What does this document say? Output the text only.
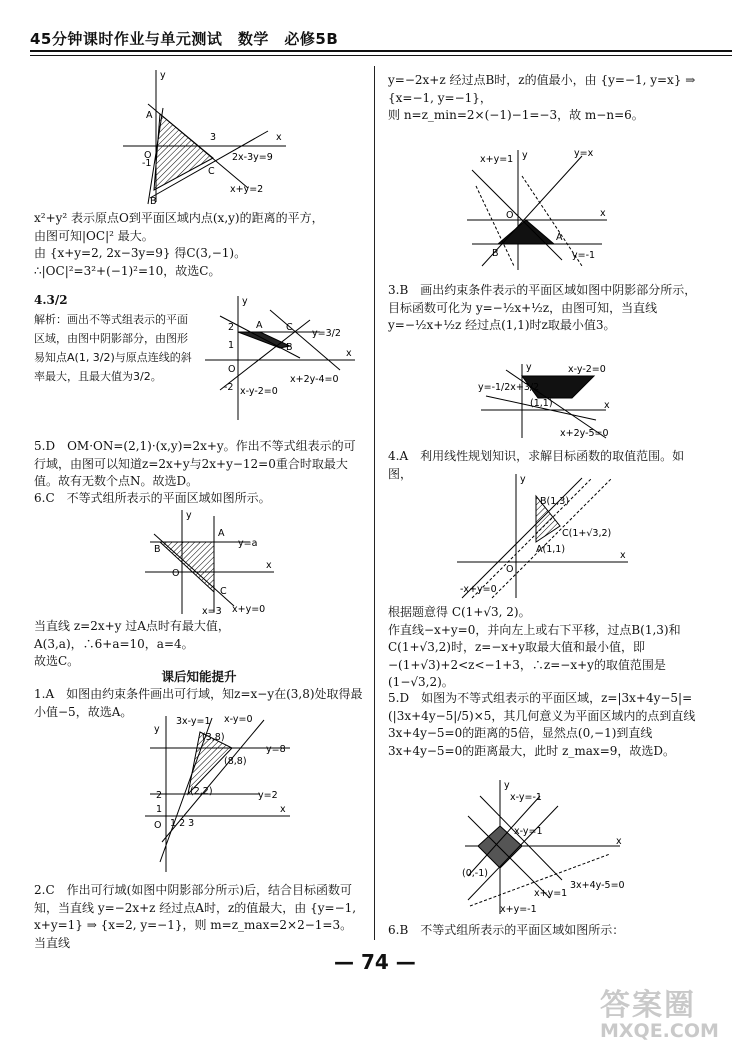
45分钟课时作业与单元测试　数学　必修5B
y
A
3	x
O
-1
C
2x-3y=9
B
x+y=2

x²+y² 表示原点O到平面区域内点(x,y)的距离的平方，
由图可知|OC|² 最大。
由 {x+y=2, 2x−3y=9} 得C(3,−1)。
∴|OC|²=3²+(−1)²=10，故选C。

4.3/2

解析：画出不等式组表示的平面区域，由图中阴影部分，由图形易知点A(1, 3/2)与原点连线的斜率最大，且最大值为3/2。

y
2
1
-2
O
A C
B
y=3/2
x+2y-4=0
x-y-2=0
x

5.D　OM·ON=(2,1)·(x,y)=2x+y。作出不等式组表示的可行域，由图可以知道z=2x+y与2x+y−12=0重合时取最大值。故有无数个点N。故选D。

6.C　不等式组所表示的平面区域如图所示。

y
A
B
y=a
O
C
x
x=3 x+y=0

当直线 z=2x+y 过A点时有最大值，
A(3,a)，∴6+a=10，a=4。
故选C。

课后知能提升

1.A　如图由约束条件画出可行域，知z=x−y在(3,8)处取得最小值−5，故选A。

3x-y=1 x-y=0
y
(3,8)
(8,8)
y=8
y=2
(2,2)
2
1
O 1 2 3
x

2.C　作出可行域(如图中阴影部分所示)后，结合目标函数可知，当直线 y=−2x+z 经过点A时，z的值最大，由 {y=−1, x+y=1} ⇒ {x=2, y=−1}，则 m=z_max=2×2−1=3。当直线

y=−2x+z 经过点B时，z的值最小，由 {y=−1, y=x} ⇒ {x=−1, y=−1}，
则 n=z_min=2×(−1)−1=−3，故 m−n=6。

x+y=1
y=x
y
O
A
B	y=-1
x

3.B　画出约束条件表示的平面区域如图中阴影部分所示，目标函数可化为 y=−½x+½z，由图可知，当直线 y=−½x+½z 经过点(1,1)时z取最小值3。

y	x-y-2=0
y=-1/2x+3/2
(1,1)	x
x+2y-5=0

4.A　利用线性规划知识，求解目标函数的取值范围。如图，	y
B(1,3)
C(1+√3,2)
A(1,1)
O
x
-x+y=0

根据题意得 C(1+√3, 2)。
作直线−x+y=0，并向左上或右下平移，过点B(1,3)和C(1+√3,2)时，z=−x+y取最大值和最小值，即−(1+√3)+2<z<−1+3，∴z=−x+y的取值范围是(1−√3,2)。

5.D　如图为不等式组表示的平面区域，z=|3x+4y−5|=(|3x+4y−5|/5)×5，其几何意义为平面区域内的点到直线3x+4y−5=0的距离的5倍，显然点(0,−1)到直线3x+4y−5=0的距离最大，此时 z_max=9，故选D。

y
x-y=-1
x-y=1
(0,-1)
x
x+y=1
3x+4y-5=0
x+y=-1

6.B　不等式组所表示的平面区域如图所示：

— 74 —
答案圈
MXQE.COM
